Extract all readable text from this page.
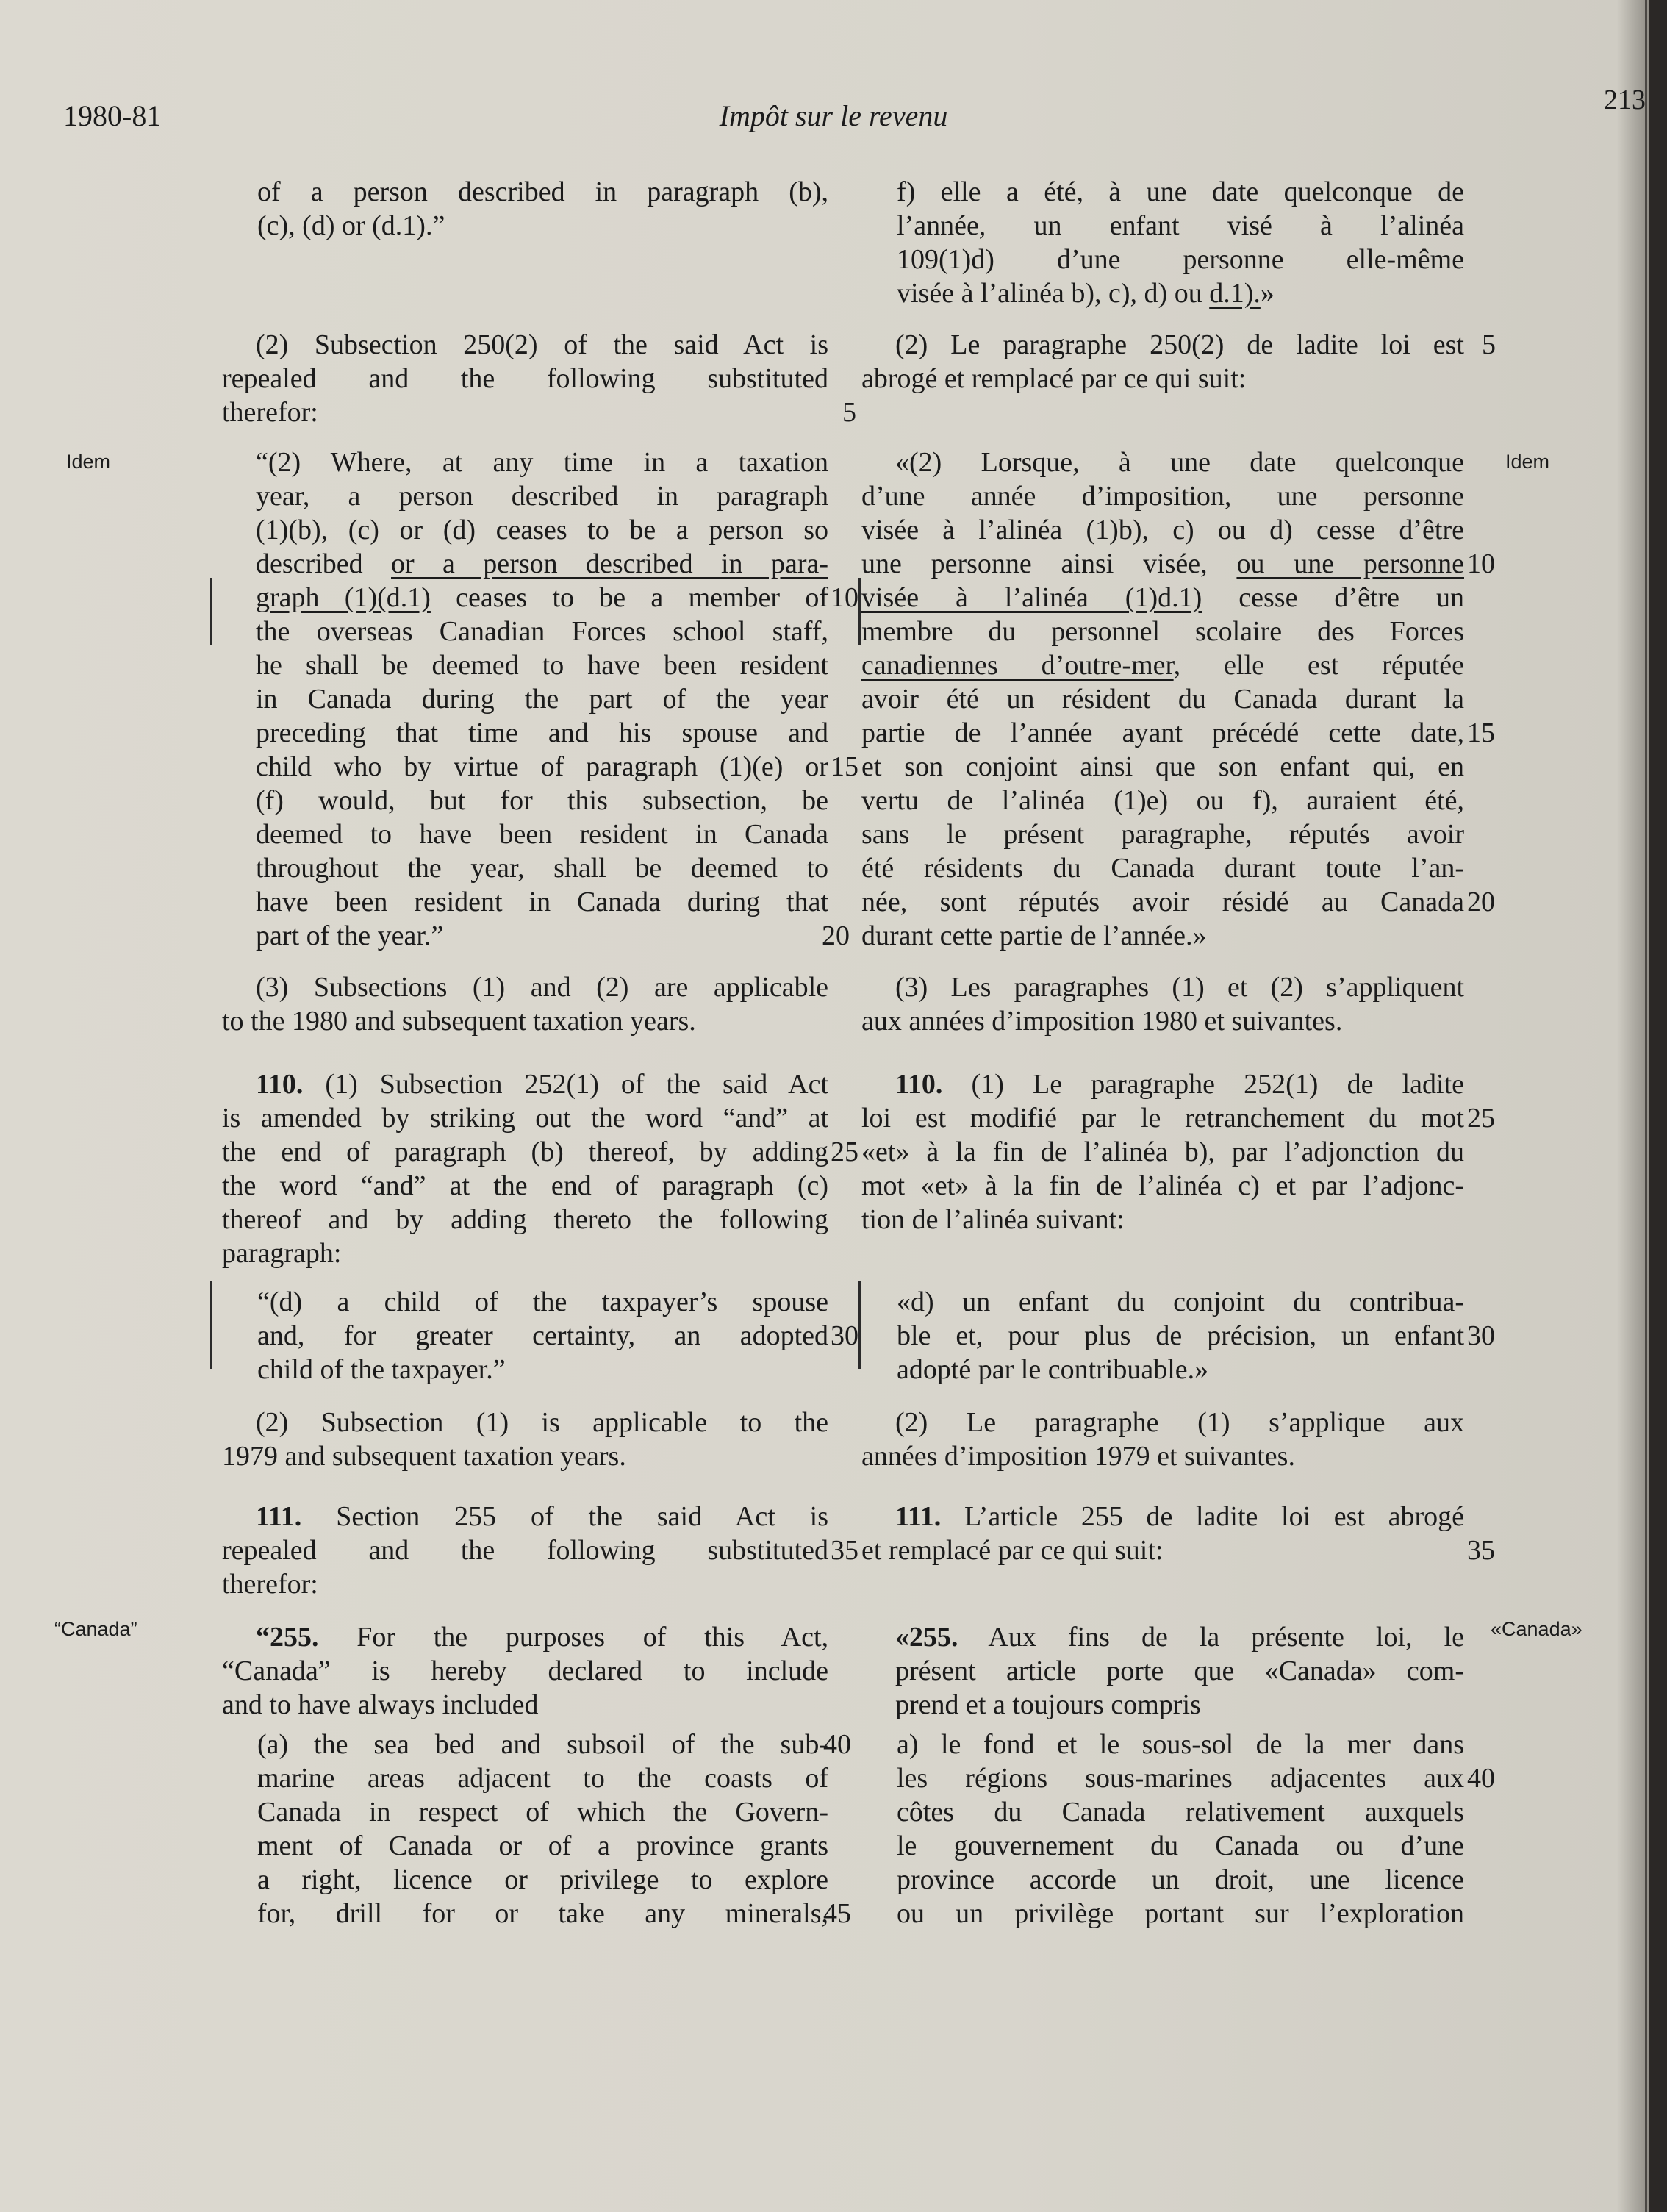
1980-81	Impôt sur le revenu	213
Idem	Idem
“Canada”	«Canada»

of a person described in paragraph (b),

(c), (d) or (d.1).”

(2) Subsection 250(2) of the said Act is

repealed and the following substituted

therefor:

“(2) Where, at any time in a taxation

year, a person described in paragraph

(1)(b), (c) or (d) ceases to be a person so

described or a person described in para-

graph (1)(d.1) ceases to be a member of

the overseas Canadian Forces school staff,

he shall be deemed to have been resident

in Canada during the part of the year

preceding that time and his spouse and

child who by virtue of paragraph (1)(e) or

(f) would, but for this subsection, be

deemed to have been resident in Canada

throughout the year, shall be deemed to

have been resident in Canada during that

part of the year.”

(3) Subsections (1) and (2) are applicable

to the 1980 and subsequent taxation years.

110. (1) Subsection 252(1) of the said Act

is amended by striking out the word “and” at

the end of paragraph (b) thereof, by adding

the word “and” at the end of paragraph (c)

thereof and by adding thereto the following

paragraph:

“(d) a child of the taxpayer’s spouse

and, for greater certainty, an adopted

child of the taxpayer.”

(2) Subsection (1) is applicable to the

1979 and subsequent taxation years.

111. Section 255 of the said Act is

repealed and the following substituted

therefor:

“255. For the purposes of this Act,

“Canada” is hereby declared to include

and to have always included

(a) the sea bed and subsoil of the sub-

marine areas adjacent to the coasts of

Canada in respect of which the Govern-

ment of Canada or of a province grants

a right, licence or privilege to explore

for, drill for or take any minerals,

f) elle a été, à une date quelconque de

l’année, un enfant visé à l’alinéa

109(1)d) d’une personne elle-même

visée à l’alinéa b), c), d) ou d.1).»

(2) Le paragraphe 250(2) de ladite loi est

abrogé et remplacé par ce qui suit:

«(2) Lorsque, à une date quelconque

d’une année d’imposition, une personne

visée à l’alinéa (1)b), c) ou d) cesse d’être

une personne ainsi visée, ou une personne

visée à l’alinéa (1)d.1) cesse d’être un

membre du personnel scolaire des Forces

canadiennes d’outre-mer, elle est réputée

avoir été un résident du Canada durant la

partie de l’année ayant précédé cette date,

et son conjoint ainsi que son enfant qui, en

vertu de l’alinéa (1)e) ou f), auraient été,

sans le présent paragraphe, réputés avoir

été résidents du Canada durant toute l’an-

née, sont réputés avoir résidé au Canada

durant cette partie de l’année.»

(3) Les paragraphes (1) et (2) s’appliquent

aux années d’imposition 1980 et suivantes.

110. (1) Le paragraphe 252(1) de ladite

loi est modifié par le retranchement du mot

«et» à la fin de l’alinéa b), par l’adjonction du

mot «et» à la fin de l’alinéa c) et par l’adjonc-

tion de l’alinéa suivant:

«d) un enfant du conjoint du contribua-

ble et, pour plus de précision, un enfant

adopté par le contribuable.»

(2) Le paragraphe (1) s’applique aux

années d’imposition 1979 et suivantes.

111. L’article 255 de ladite loi est abrogé

et remplacé par ce qui suit:

«255. Aux fins de la présente loi, le

présent article porte que «Canada» com-

prend et a toujours compris

a) le fond et le sous-sol de la mer dans

les régions sous-marines adjacentes aux

côtes du Canada relativement auxquels

le gouvernement du Canada ou d’une

province accorde un droit, une licence

ou un privilège portant sur l’exploration

5
10
15
20
25
30
35
40
45
5
10
15
20
25
30
35
40
